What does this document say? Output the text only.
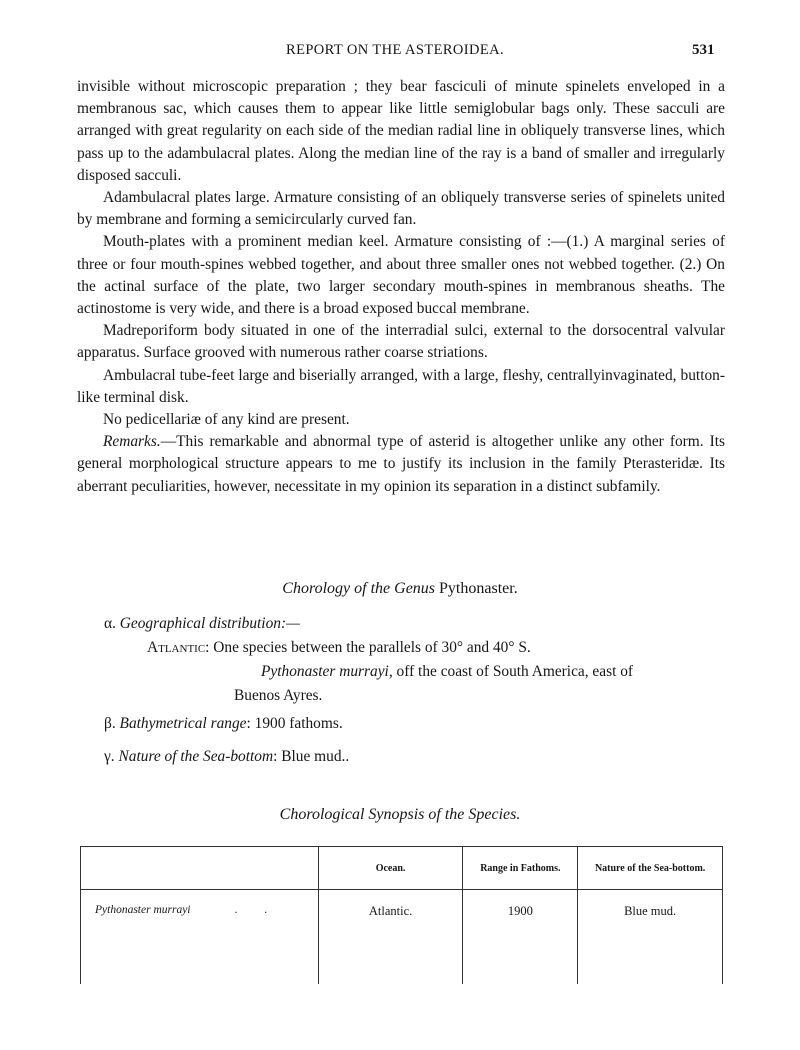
REPORT ON THE ASTEROIDEA.	531

invisible without microscopic preparation ; they bear fasciculi of minute spinelets enveloped in a membranous sac, which causes them to appear like little semiglobular bags only. These sacculi are arranged with great regularity on each side of the median radial line in obliquely transverse lines, which pass up to the adambulacral plates. Along the median line of the ray is a band of smaller and irregularly disposed sacculi.

Adambulacral plates large. Armature consisting of an obliquely transverse series of spinelets united by membrane and forming a semicircularly curved fan.

Mouth-plates with a prominent median keel. Armature consisting of :—(1.) A marginal series of three or four mouth-spines webbed together, and about three smaller ones not webbed together. (2.) On the actinal surface of the plate, two larger secondary mouth-spines in membranous sheaths. The actinostome is very wide, and there is a broad exposed buccal membrane.

Madreporiform body situated in one of the interradial sulci, external to the dorsocentral valvular apparatus. Surface grooved with numerous rather coarse striations.

Ambulacral tube-feet large and biserially arranged, with a large, fleshy, centrallyinvaginated, button-like terminal disk.

No pedicellariæ of any kind are present.

Remarks.—This remarkable and abnormal type of asterid is altogether unlike any other form. Its general morphological structure appears to me to justify its inclusion in the family Pterasteridæ. Its aberrant peculiarities, however, necessitate in my opinion its separation in a distinct subfamily.

Chorology of the Genus Pythonaster.
α. Geographical distribution:—
Atlantic: One species between the parallels of 30° and 40° S.
Pythonaster murrayi, off the coast of South America, east of
Buenos Ayres.
β. Bathymetrical range: 1900 fathoms.
γ. Nature of the Sea-bottom: Blue mud..
Chorological Synopsis of the Species.
	Ocean.	Range in Fathoms.	Nature of the Sea-bottom.
Pythonaster murrayi . .	Atlantic.	1900	Blue mud.
